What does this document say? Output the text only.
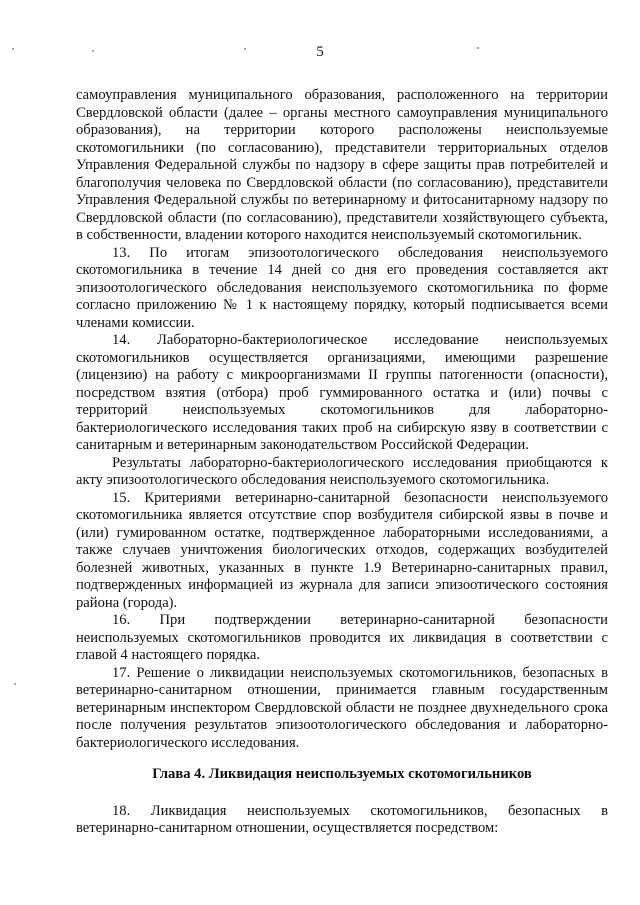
5

самоуправления муниципального образования, расположенного на территории Свердловской области (далее – органы местного самоуправления муниципального образования), на территории которого расположены неиспользуемые скотомогильники (по согласованию), представители территориальных отделов Управления Федеральной службы по надзору в сфере защиты прав потребителей и благополучия человека по Свердловской области (по согласованию), представители Управления Федеральной службы по ветеринарному и фитосанитарному надзору по Свердловской области (по согласованию), представители хозяйствующего субъекта, в собственности, владении которого находится неиспользуемый скотомогильник.

13. По итогам эпизоотологического обследования неиспользуемого скотомогильника в течение 14 дней со дня его проведения составляется акт эпизоотологического обследования неиспользуемого скотомогильника по форме согласно приложению № 1 к настоящему порядку, который подписывается всеми членами комиссии.

14. Лабораторно-бактериологическое исследование неиспользуемых скотомогильников осуществляется организациями, имеющими разрешение (лицензию) на работу с микроорганизмами II группы патогенности (опасности), посредством взятия (отбора) проб гуммированного остатка и (или) почвы с территорий неиспользуемых скотомогильников для лабораторно-бактериологического исследования таких проб на сибирскую язву в соответствии с санитарным и ветеринарным законодательством Российской Федерации.

Результаты лабораторно-бактериологического исследования приобщаются к акту эпизоотологического обследования неиспользуемого скотомогильника.

15. Критериями ветеринарно-санитарной безопасности неиспользуемого скотомогильника является отсутствие спор возбудителя сибирской язвы в почве и (или) гумированном остатке, подтвержденное лабораторными исследованиями, а также случаев уничтожения биологических отходов, содержащих возбудителей болезней животных, указанных в пункте 1.9 Ветеринарно-санитарных правил, подтвержденных информацией из журнала для записи эпизоотического состояния района (города).

16. При подтверждении ветеринарно-санитарной безопасности неиспользуемых скотомогильников проводится их ликвидация в соответствии с главой 4 настоящего порядка.

17. Решение о ликвидации неиспользуемых скотомогильников, безопасных в ветеринарно-санитарном отношении, принимается главным государственным ветеринарным инспектором Свердловской области не позднее двухнедельного срока после получения результатов эпизоотологического обследования и лабораторно-бактериологического исследования.

Глава 4. Ликвидация неиспользуемых скотомогильников

18. Ликвидация неиспользуемых скотомогильников, безопасных в ветеринарно-санитарном отношении, осуществляется посредством:
